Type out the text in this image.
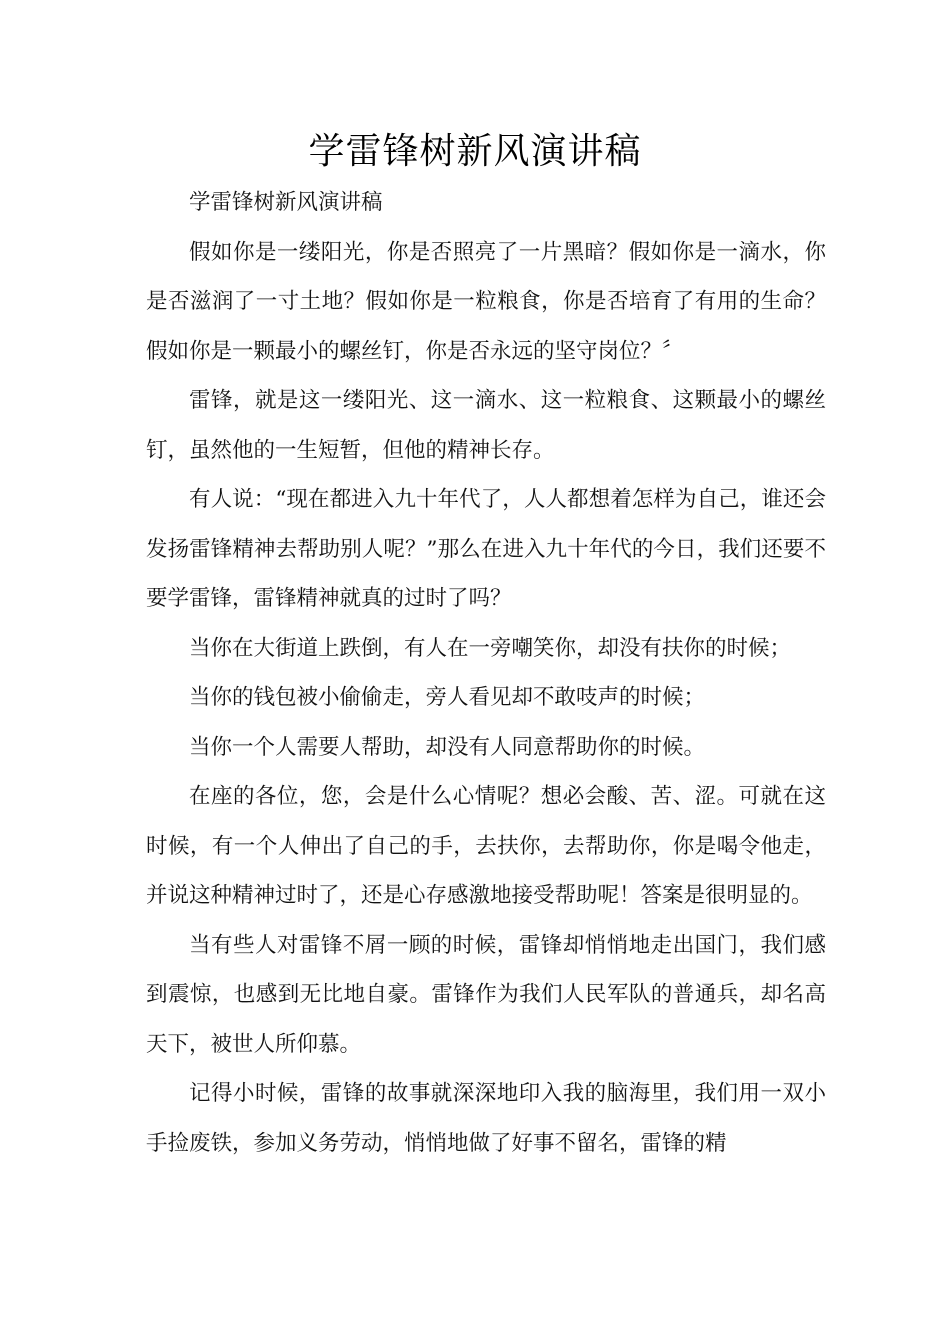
学雷锋树新风演讲稿

学雷锋树新风演讲稿

假如你是一缕阳光，你是否照亮了一片黑暗？假如你是一滴水，你是否滋润了一寸土地？假如你是一粒粮食，你是否培育了有用的生命？假如你是一颗最小的螺丝钉，你是否永远的坚守岗位？〞

雷锋，就是这一缕阳光、这一滴水、这一粒粮食、这颗最小的螺丝钉，虽然他的一生短暂，但他的精神长存。

有人说：“现在都进入九十年代了，人人都想着怎样为自己，谁还会发扬雷锋精神去帮助别人呢？”那么在进入九十年代的今日，我们还要不要学雷锋，雷锋精神就真的过时了吗？

当你在大街道上跌倒，有人在一旁嘲笑你，却没有扶你的时候；

当你的钱包被小偷偷走，旁人看见却不敢吱声的时候；

当你一个人需要人帮助，却没有人同意帮助你的时候。

在座的各位，您，会是什么心情呢？想必会酸、苦、涩。可就在这时候，有一个人伸出了自己的手，去扶你，去帮助你，你是喝令他走，并说这种精神过时了，还是心存感激地接受帮助呢！答案是很明显的。

当有些人对雷锋不屑一顾的时候，雷锋却悄悄地走出国门，我们感到震惊，也感到无比地自豪。雷锋作为我们人民军队的普通兵，却名高天下，被世人所仰慕。

记得小时候，雷锋的故事就深深地印入我的脑海里，我们用一双小手捡废铁，参加义务劳动，悄悄地做了好事不留名，雷锋的精
